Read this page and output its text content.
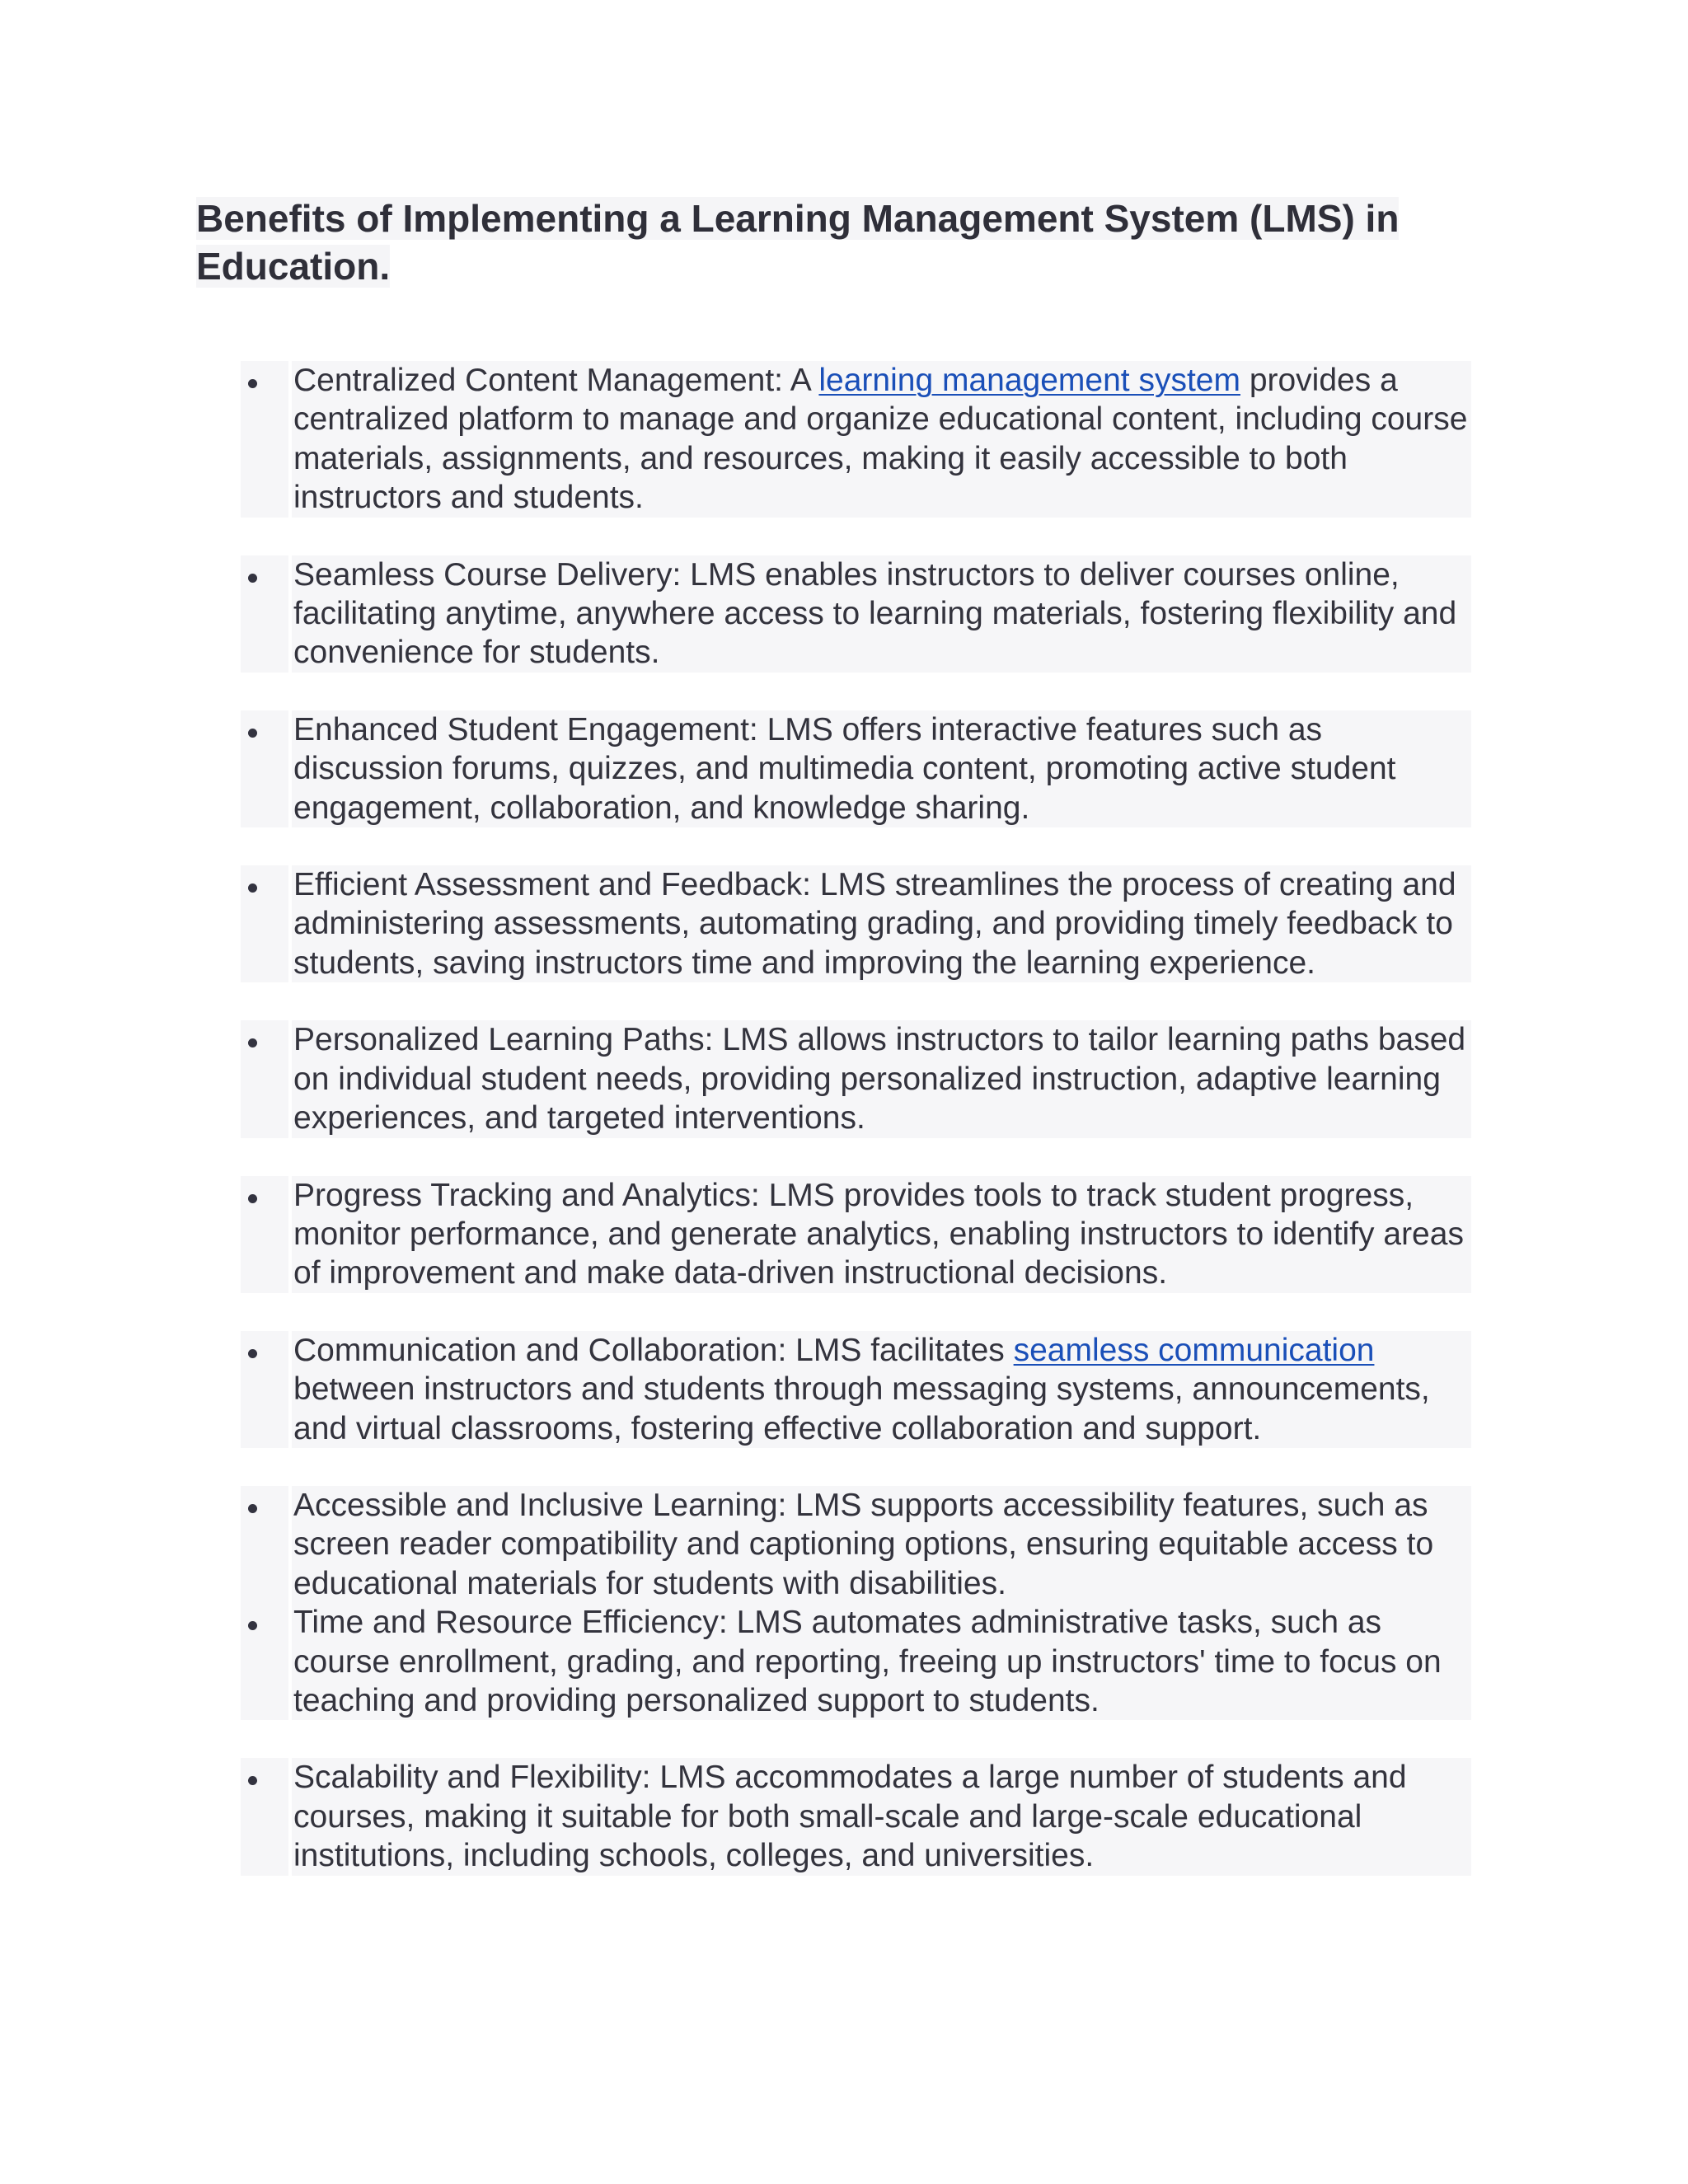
Benefits of Implementing a Learning Management System (LMS) in Education.
Centralized Content Management: A learning management system provides a centralized platform to manage and organize educational content, including course materials, assignments, and resources, making it easily accessible to both instructors and students.
Seamless Course Delivery: LMS enables instructors to deliver courses online, facilitating anytime, anywhere access to learning materials, fostering flexibility and convenience for students.
Enhanced Student Engagement: LMS offers interactive features such as discussion forums, quizzes, and multimedia content, promoting active student engagement, collaboration, and knowledge sharing.
Efficient Assessment and Feedback: LMS streamlines the process of creating and administering assessments, automating grading, and providing timely feedback to students, saving instructors time and improving the learning experience.
Personalized Learning Paths: LMS allows instructors to tailor learning paths based on individual student needs, providing personalized instruction, adaptive learning experiences, and targeted interventions.
Progress Tracking and Analytics: LMS provides tools to track student progress, monitor performance, and generate analytics, enabling instructors to identify areas of improvement and make data-driven instructional decisions.
Communication and Collaboration: LMS facilitates seamless communication between instructors and students through messaging systems, announcements, and virtual classrooms, fostering effective collaboration and support.
Accessible and Inclusive Learning: LMS supports accessibility features, such as screen reader compatibility and captioning options, ensuring equitable access to educational materials for students with disabilities.
Time and Resource Efficiency: LMS automates administrative tasks, such as course enrollment, grading, and reporting, freeing up instructors' time to focus on teaching and providing personalized support to students.
Scalability and Flexibility: LMS accommodates a large number of students and courses, making it suitable for both small-scale and large-scale educational institutions, including schools, colleges, and universities.
